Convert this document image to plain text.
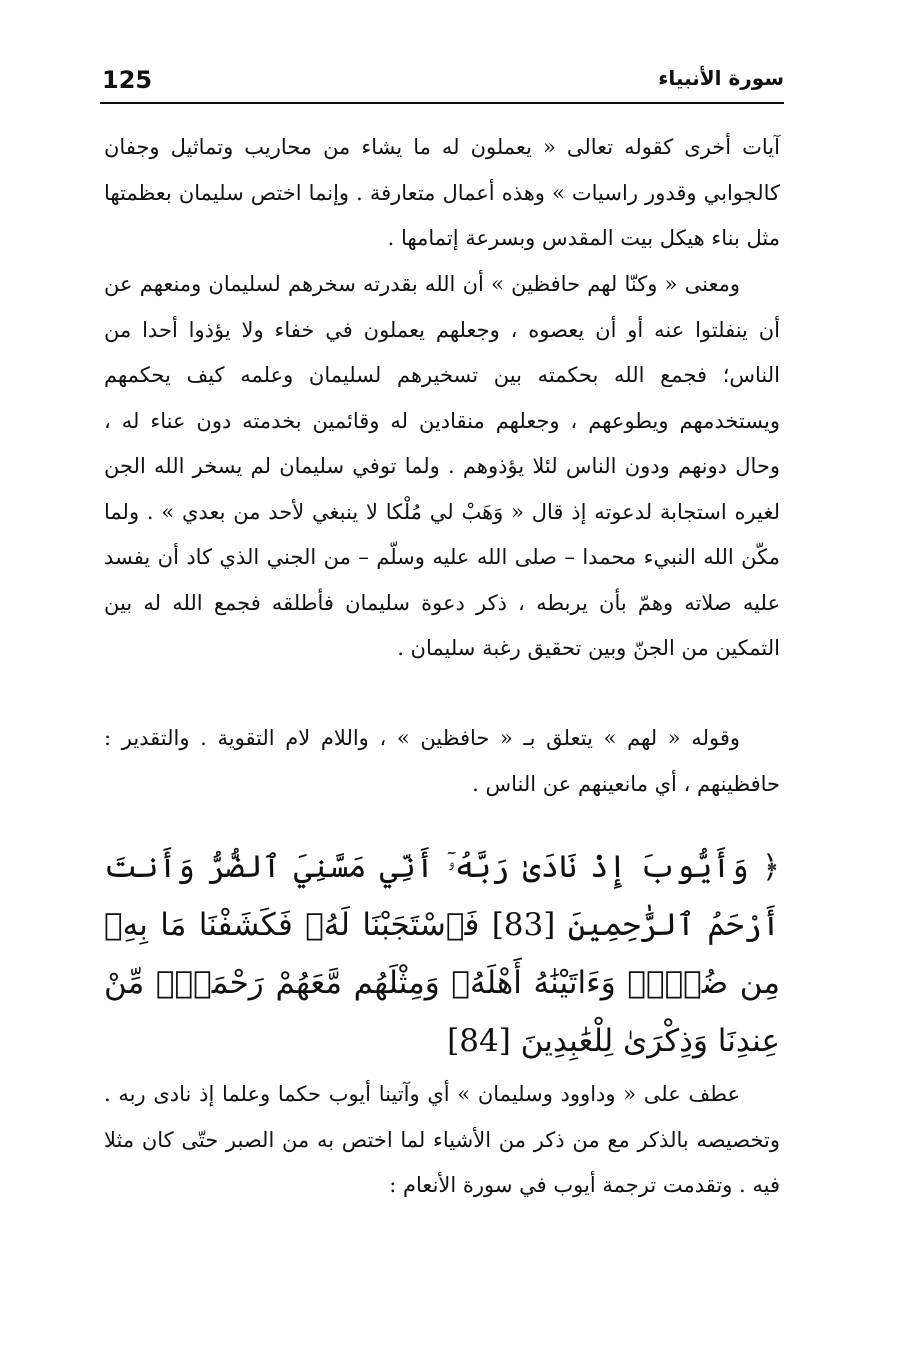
125	سورة الأنبياء

آيات أخرى كقوله تعالى « يعملون له ما يشاء من محاريب وتماثيل وجفان كالجوابي وقدور راسيات » وهذه أعمال متعارفة . وإنما اختص سليمان بعظمتها مثل بناء هيكل بيت المقدس وبسرعة إتمامها .

ومعنى « وكنّا لهم حافظين » أن الله بقدرته سخرهم لسليمان ومنعهم عن أن ينفلتوا عنه أو أن يعصوه ، وجعلهم يعملون في خفاء ولا يؤذوا أحدا من الناس؛ فجمع الله بحكمته بين تسخيرهم لسليمان وعلمه كيف يحكمهم ويستخدمهم ويطوعهم ، وجعلهم منقادين له وقائمين بخدمته دون عناء له ، وحال دونهم ودون الناس لئلا يؤذوهم . ولما توفي سليمان لم يسخر الله الجن لغيره استجابة لدعوته إذ قال « وَهَبْ لي مُلْكا لا ينبغي لأحد من بعدي » . ولما مكّن الله النبيء محمدا – صلى الله عليه وسلّم – من الجني الذي كاد أن يفسد عليه صلاته وهمّ بأن يربطه ، ذكر دعوة سليمان فأطلقه فجمع الله له بين التمكين من الجنّ وبين تحقيق رغبة سليمان .

وقوله « لهم » يتعلق بـ « حافظين » ، واللام لام التقوية . والتقدير : حافظينهم ، أي مانعينهم عن الناس .

﴿ وَأَيُّوبَ إِذْ نَادَىٰ رَبَّهُۥٓ أَنِّي مَسَّنِيَ ٱلضُّرُّ وَأَنتَ أَرْحَمُ ٱلرَّٰحِمِينَ [83] فَٱسْتَجَبْنَا لَهُۥ فَكَشَفْنَا مَا بِهِۦ مِن ضُرٍّۢ وَءَاتَيْنَٰهُ أَهْلَهُۥ وَمِثْلَهُم مَّعَهُمْ رَحْمَةًۭ مِّنْ عِندِنَا وَذِكْرَىٰ لِلْعَٰبِدِينَ [84]

عطف على « وداوود وسليمان » أي وآتينا أيوب حكما وعلما إذ نادى ربه . وتخصيصه بالذكر مع من ذكر من الأشياء لما اختص به من الصبر حتّى كان مثلا فيه . وتقدمت ترجمة أيوب في سورة الأنعام :
